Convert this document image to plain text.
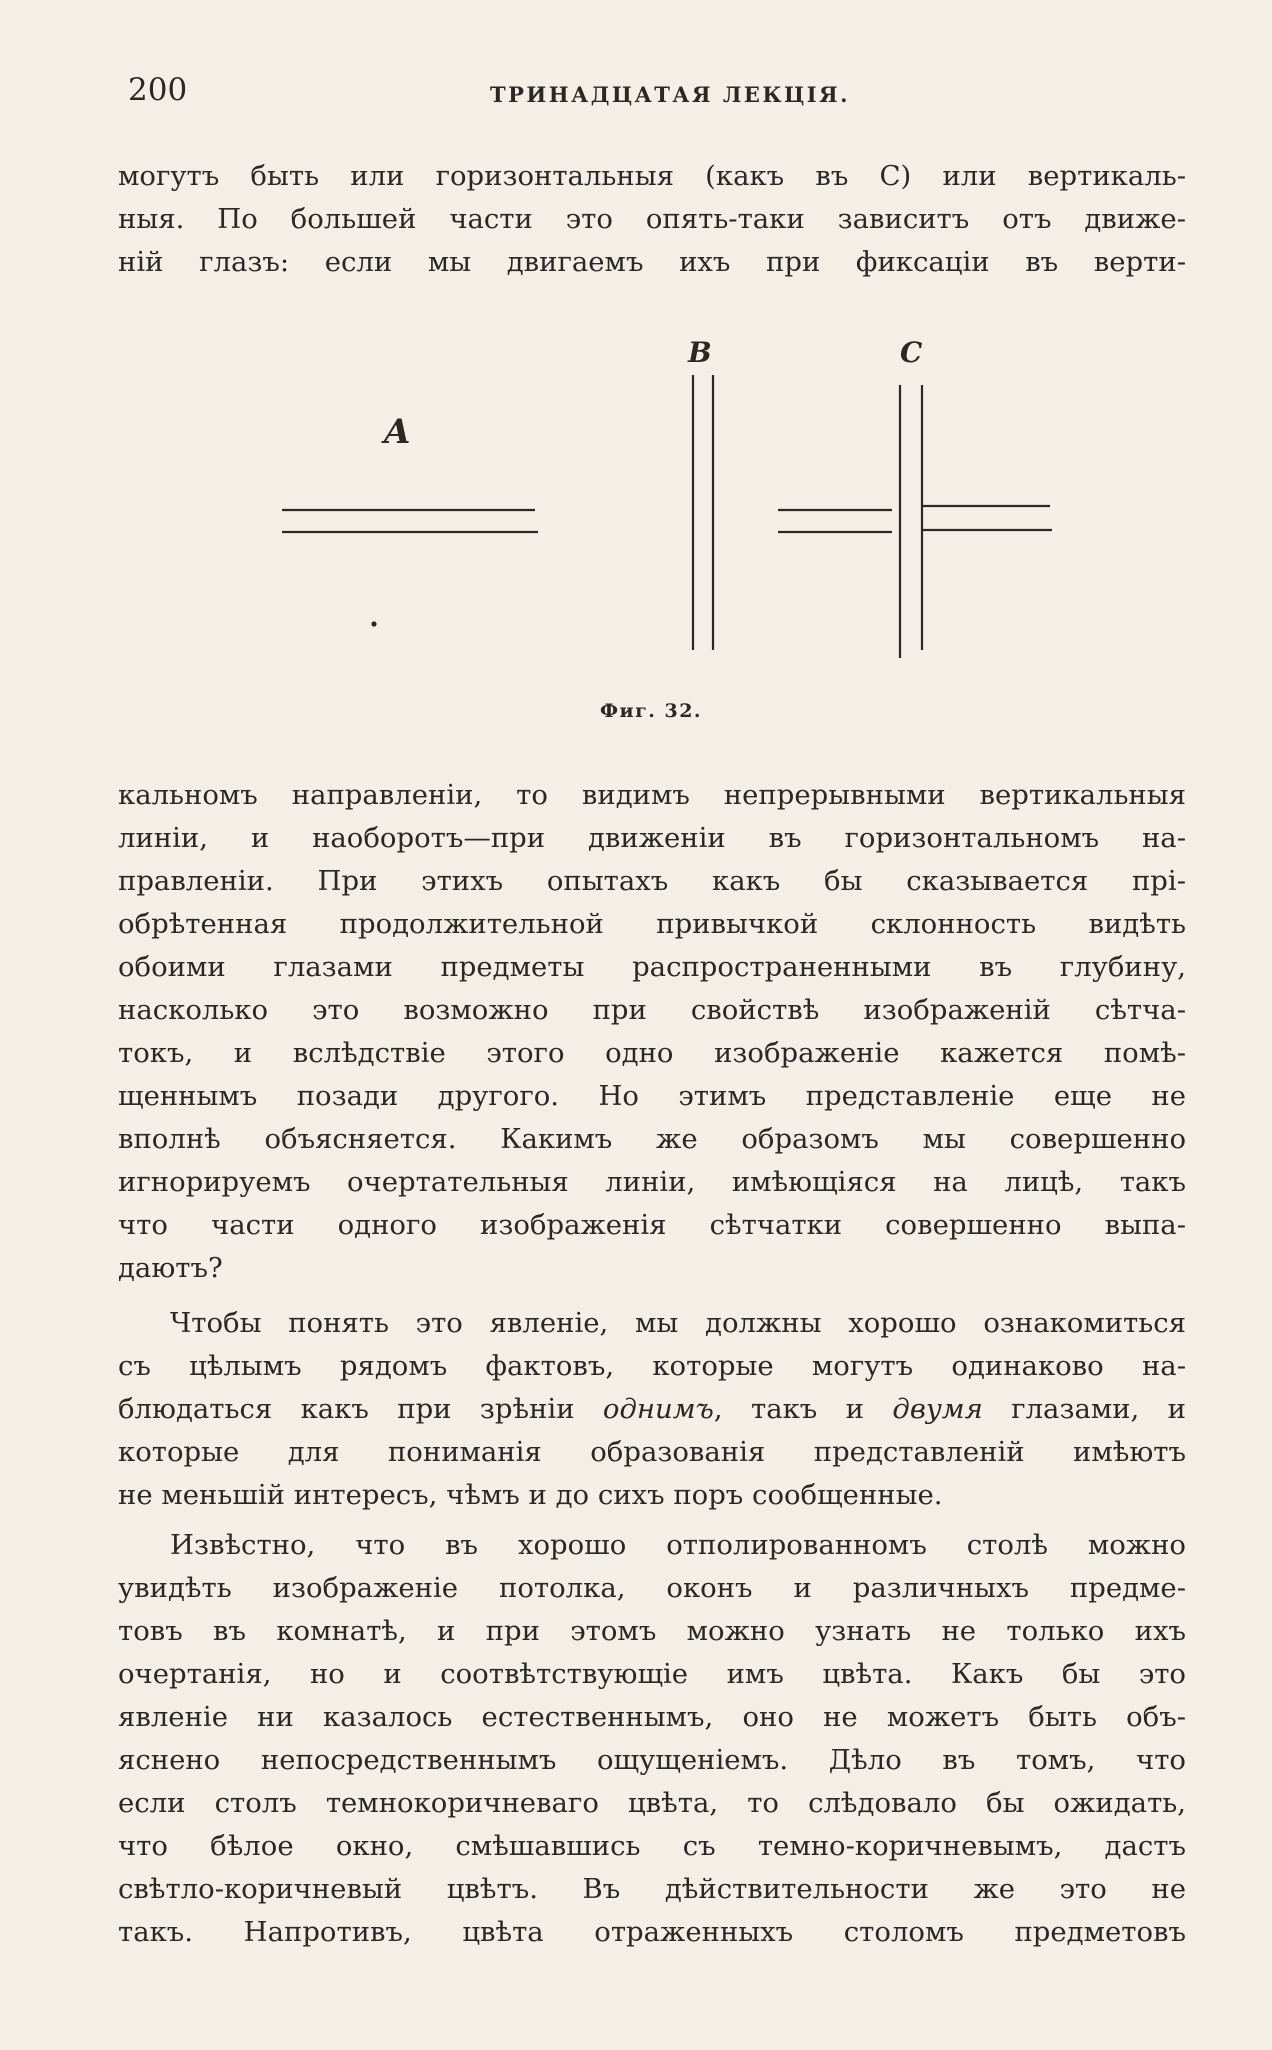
200	ТРИНАДЦАТАЯ ЛЕКЦІЯ.
могутъ быть или горизонтальныя (какъ въ C) или вертикаль-
ныя. По большей части это опять-таки зависитъ отъ движе-
ній глазъ: если мы двигаемъ ихъ при фиксаціи въ верти-
A
B	C
Фиг. 32.
кальномъ направленіи, то видимъ непрерывными вертикальныя
линіи, и наоборотъ—при движеніи въ горизонтальномъ на-
правленіи. При этихъ опытахъ какъ бы сказывается прі-
обрѣтенная продолжительной привычкой склонность видѣть
обоими глазами предметы распространенными въ глубину,
насколько это возможно при свойствѣ изображеній сѣтча-
токъ, и вслѣдствіе этого одно изображеніе кажется помѣ-
щеннымъ позади другого. Но этимъ представленіе еще не
вполнѣ объясняется. Какимъ же образомъ мы совершенно
игнорируемъ очертательныя линіи, имѣющіяся на лицѣ, такъ
что части одного изображенія сѣтчатки совершенно выпа-
даютъ?
Чтобы понять это явленіе, мы должны хорошо ознакомиться
съ цѣлымъ рядомъ фактовъ, которые могутъ одинаково на-
блюдаться какъ при зрѣніи однимъ, такъ и двумя глазами, и
которые для пониманія образованія представленій имѣютъ
не меньшій интересъ, чѣмъ и до сихъ поръ сообщенные.
Извѣстно, что въ хорошо отполированномъ столѣ можно
увидѣть изображеніе потолка, оконъ и различныхъ предме-
товъ въ комнатѣ, и при этомъ можно узнать не только ихъ
очертанія, но и соотвѣтствующіе имъ цвѣта. Какъ бы это
явленіе ни казалось естественнымъ, оно не можетъ быть объ-
яснено непосредственнымъ ощущеніемъ. Дѣло въ томъ, что
если столъ темнокоричневаго цвѣта, то слѣдовало бы ожидать,
что бѣлое окно, смѣшавшись съ темно-коричневымъ, дастъ
свѣтло-коричневый цвѣтъ. Въ дѣйствительности же это не
такъ. Напротивъ, цвѣта отраженныхъ столомъ предметовъ
